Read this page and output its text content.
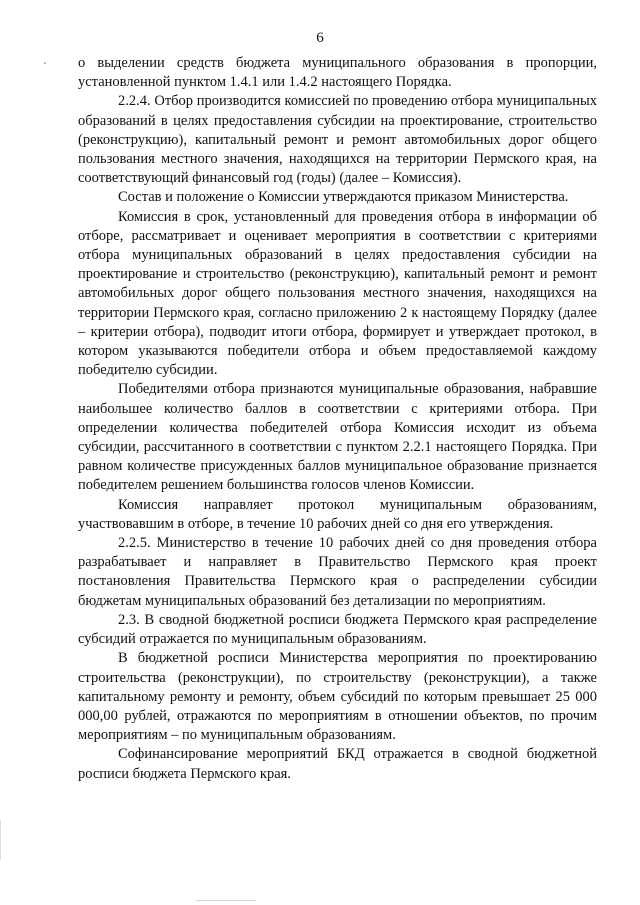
6

о выделении средств бюджета муниципального образования в пропорции, установленной пунктом 1.4.1 или 1.4.2 настоящего Порядка.

2.2.4. Отбор производится комиссией по проведению отбора муниципальных образований в целях предоставления субсидии на проектирование, строительство (реконструкцию), капитальный ремонт и ремонт автомобильных дорог общего пользования местного значения, находящихся на территории Пермского края, на соответствующий финансовый год (годы) (далее – Комиссия).

Состав и положение о Комиссии утверждаются приказом Министерства.

Комиссия в срок, установленный для проведения отбора в информации об отборе, рассматривает и оценивает мероприятия в соответствии с критериями отбора муниципальных образований в целях предоставления субсидии на проектирование и строительство (реконструкцию), капитальный ремонт и ремонт автомобильных дорог общего пользования местного значения, находящихся на территории Пермского края, согласно приложению 2 к настоящему Порядку (далее – критерии отбора), подводит итоги отбора, формирует и утверждает протокол, в котором указываются победители отбора и объем предоставляемой каждому победителю субсидии.

Победителями отбора признаются муниципальные образования, набравшие наибольшее количество баллов в соответствии с критериями отбора. При определении количества победителей отбора Комиссия исходит из объема субсидии, рассчитанного в соответствии с пунктом 2.2.1 настоящего Порядка. При равном количестве присужденных баллов муниципальное образование признается победителем решением большинства голосов членов Комиссии.

Комиссия направляет протокол муниципальным образованиям, участвовавшим в отборе, в течение 10 рабочих дней со дня его утверждения.

2.2.5. Министерство в течение 10 рабочих дней со дня проведения отбора разрабатывает и направляет в Правительство Пермского края проект постановления Правительства Пермского края о распределении субсидии бюджетам муниципальных образований без детализации по мероприятиям.

2.3. В сводной бюджетной росписи бюджета Пермского края распределение субсидий отражается по муниципальным образованиям.

В бюджетной росписи Министерства мероприятия по проектированию строительства (реконструкции), по строительству (реконструкции), а также капитальному ремонту и ремонту, объем субсидий по которым превышает 25 000 000,00 рублей, отражаются по мероприятиям в отношении объектов, по прочим мероприятиям – по муниципальным образованиям.

Софинансирование мероприятий БКД отражается в сводной бюджетной росписи бюджета Пермского края.
